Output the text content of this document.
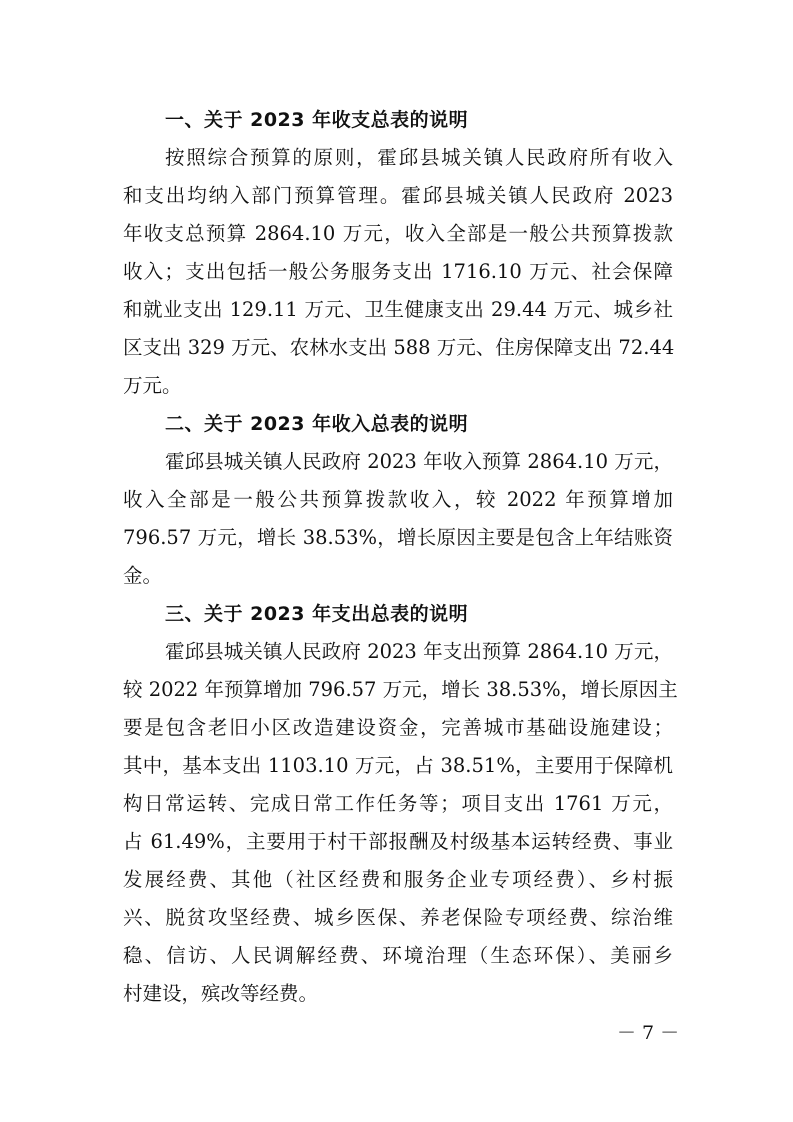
一、关于 2023 年收支总表的说明
按照综合预算的原则，霍邱县城关镇人民政府所有收入
和支出均纳入部门预算管理。霍邱县城关镇人民政府 2023
年收支总预算 2864.10 万元，收入全部是一般公共预算拨款
收入；支出包括一般公务服务支出 1716.10 万元、社会保障
和就业支出 129.11 万元、卫生健康支出 29.44 万元、城乡社
区支出 329 万元、农林水支出 588 万元、住房保障支出 72.44
万元。
二、关于 2023 年收入总表的说明
霍邱县城关镇人民政府 2023 年收入预算 2864.10 万元，
收入全部是一般公共预算拨款收入，较 2022 年预算增加
796.57 万元，增长 38.53%，增长原因主要是包含上年结账资
金。
三、关于 2023 年支出总表的说明
霍邱县城关镇人民政府 2023 年支出预算 2864.10 万元，
较 2022 年预算增加 796.57 万元，增长 38.53%，增长原因主
要是包含老旧小区改造建设资金，完善城市基础设施建设；
其中，基本支出 1103.10 万元，占 38.51%，主要用于保障机
构日常运转、完成日常工作任务等；项目支出 1761 万元，
占 61.49%，主要用于村干部报酬及村级基本运转经费、事业
发展经费、其他（社区经费和服务企业专项经费）、乡村振
兴、脱贫攻坚经费、城乡医保、养老保险专项经费、综治维
稳、信访、人民调解经费、环境治理（生态环保）、美丽乡
村建设，殡改等经费。
－ 7 －
